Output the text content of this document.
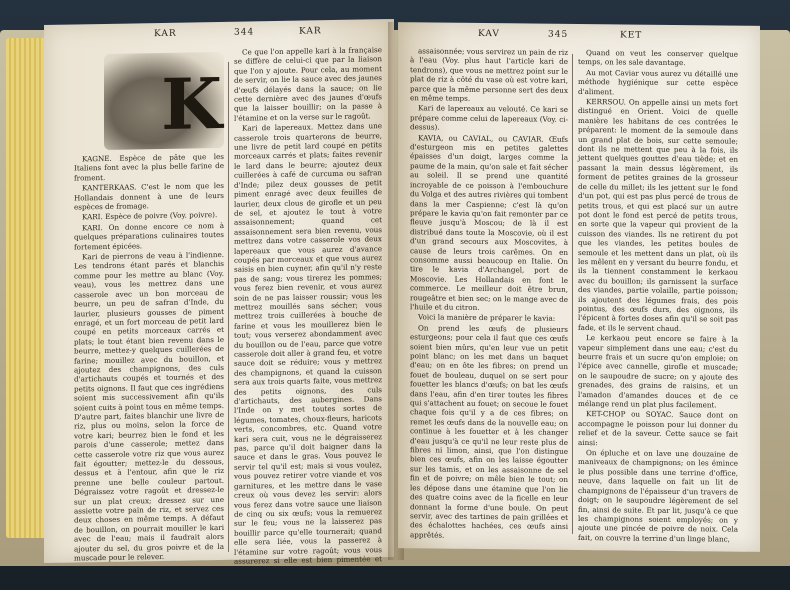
KAR	344	KAR
K

KAGNE. Espèce de pâte que les Italiens font avec la plus belle farine de froment.

KANTERKAAS. C'est le nom que les Hollandais donnent à une de leurs espèces de fromage.

KARI. Espèce de poivre (Voy. poivre).

KARI. On donne encore ce nom à quelques préparations culinaires toutes fortement épicées.

Kari de pierrons de veau à l'indienne. Les tendrons étant parés et blanchis comme pour les mettre au blanc (Voy. veau), vous les mettrez dans une casserole avec un bon morceau de beurre, un peu de safran d'Inde, du laurier, plusieurs gousses de piment enragé, et un fort morceau de petit lard coupé en petits morceaux carrés et plats; le tout étant bien revenu dans le beurre, mettez-y quelques cuillerées de farine; mouillez avec du bouillon, et ajoutez des champignons, des culs d'artichauts coupés et tournés et des petits oignons. Il faut que ces ingrédiens soient mis successivement afin qu'ils soient cuits à point tous en même temps. D'autre part, faites blanchir une livre de riz, plus ou moins, selon la force de votre kari; beurrez bien le fond et les parois d'une casserole; mettez dans cette casserole votre riz que vous aurez fait égoutter; mettez-le du dessous, dessus et à l'entour, afin que le riz prenne une belle couleur partout. Dégraissez votre ragoût et dressez-le sur un plat creux; dressez sur une assiette votre pain de riz, et servez ces deux choses en même temps. A défaut de bouillon, on pourrait mouiller le kari avec de l'eau; mais il faudrait alors ajouter du sel, du gros poivre et de la muscade pour le relever.

Ce que l'on appelle kari à la française se diffère de celui-ci que par la liaison que l'on y ajoute. Pour cela, au moment de servir, on lie la sauce avec des jaunes d'œufs délayés dans la sauce; on lie cette dernière avec des jaunes d'œufs que la laisser bouillir; on la passe à l'étamine et on la verse sur le ragoût.

Kari de lapereaux. Mettez dans une casserole trois quarterons de beurre, une livre de petit lard coupé en petits morceaux carrés et plats; faites revenir le lard dans le beurre; ajoutez deux cuillerées à café de curcuma ou safran d'Inde; pilez deux gousses de petit piment enragé avec deux feuilles de laurier, deux clous de girofle et un peu de sel, et ajoutez le tout à votre assaisonnement; quand cet assaisonnement sera bien revenu, vous mettrez dans votre casserole vos deux lapereaux que vous aurez d'avance coupés par morceaux et que vous aurez saisis en bien cuyner, afin qu'il n'y reste pas de sang; vous tirerez les pommes; vous ferez bien revenir, et vous aurez soin de ne pas laisser roussir; vous les mettrez mouillés sans sécher; vous mettrez trois cuillerées à bouche de farine et vous les mouillerez bien le tout; vous verserez abondamment avec du bouillon ou de l'eau, parce que votre casserole doit aller à grand feu, et votre sauce doit se réduire; vous y mettrez des champignons, et quand la cuisson sera aux trois quarts faite, vous mettrez des petits oignons, des culs d'artichauts, des aubergines. Dans l'Inde on y met toutes sortes de légumes, tomates, choux-fleurs, haricots verts, concombres, etc. Quand votre kari sera cuit, vous ne le dégraisserez pas, parce qu'il doit baigner dans la sauce et dans le gras. Vous pouvez le servir tel qu'il est; mais si vous voulez, vous pouvez retirer votre viande et vos garnitures, et les mettre dans le vase creux où vous devez les servir: alors vous ferez dans votre sauce une liaison de cinq ou six œufs; vous la remuerez sur le feu; vous ne la laisserez pas bouillir parce qu'elle tournerait; quand elle sera liée, vous la passerez à l'étamine sur votre ragoût; vous vous assurerez si elle est bien pimentée et

KAV	345	KET

assaisonnée; vous servirez un pain de riz à l'eau (Voy. plus haut l'article kari de tendrons), que vous ne mettrez point sur le plat de riz à côté du vase où est votre kari, parce que la même personne sert des deux en même temps.

Kari de lapereaux au velouté. Ce kari se prépare comme celui de lapereaux (Voy. ci-dessus).

KAVIA, ou CAVIAL, ou CAVIAR. Œufs d'esturgeon mis en petites galettes épaisses d'un doigt, larges comme la paume de la main, qu'on sale et fait sécher au soleil. Il se prend une quantité incroyable de ce poisson à l'embouchure du Volga et des autres rivières qui tombent dans la mer Caspienne; c'est là qu'on prépare le kavia qu'on fait remonter par ce fleuve jusqu'à Moscou; de là il est distribué dans toute la Moscovie, où il est d'un grand secours aux Moscovites, à cause de leurs trois carêmes. On en consomme aussi beaucoup en Italie. On tire le kavia d'Archangel, port de Moscovie. Les Hollandais en font le commerce. Le meilleur doit être brun, rougeâtre et bien sec; on le mange avec de l'huile et du citron.

Voici la manière de préparer le kavia:

On prend les œufs de plusieurs esturgeons; pour cela il faut que ces œufs soient bien mûrs, qu'en leur vue un petit point blanc; on les met dans un baquet d'eau; on en ôte les fibres; on prend un fouet de bouleau, duquel on se sert pour fouetter les blancs d'œufs; on bat les œufs dans l'eau, afin d'en tirer toutes les fibres qui s'attachent au fouet; on secoue le fouet chaque fois qu'il y a de ces fibres; on remet les œufs dans de la nouvelle eau; on continue à les fouetter et à les changer d'eau jusqu'à ce qu'il ne leur reste plus de fibres ni limon, ainsi, que l'on distingue bien ces œufs, afin on les laisse égoutter sur les tamis, et on les assaisonne de sel fin et de poivre; on mêle bien le tout; on les dépose dans une étamine que l'on lie des quatre coins avec de la ficelle en leur donnant la forme d'une boule. On peut servir, avec des tartines de pain grillées et des échalottes hachées, ces œufs ainsi apprêtés.

Quand on veut les conserver quelque temps, on les sale davantage.

Au mot Caviar vous aurez vu détaillé une méthode hygiénique sur cette espèce d'aliment.

KERRSOU. On appelle ainsi un mets fort distingué en Orient. Voici de quelle manière les habitans de ces contrées le préparent: le moment de la semoule dans un grand plat de bois, sur cette semoule; dont ils ne mettent que peu à la fois, ils jettent quelques gouttes d'eau tiède; et en passant la main dessus légèrement, ils forment de petites graines de la grosseur de celle du millet; ils les jettent sur le fond d'un pot, qui est pas plus percé de trous de petits trous, et qui est placé sur un autre pot dont le fond est percé de petits trous, en sorte que la vapeur qui provient de la cuisson des viandes. Ils ne retirent du pot que les viandes, les petites boules de semoule et les mettent dans un plat, où ils les mêlent en y versant du beurre fondu, et ils la tiennent constamment le kerkaou avec du bouillon; ils garnissent la surface des viandes, partie volaille, partie poisson; ils ajoutent des légumes frais, des pois pointus, des œufs durs, des oignons, ils l'épicent à fortes doses afin qu'il se soit pas fade, et ils le servent chaud.

Le kerkaou peut encore se faire à la vapeur simplement dans une eau; c'est du beurre frais et un sucre qu'on emploie; on l'épice avec cannelle, girofle et muscade; on le saupoudre de sucre; on y ajoute des grenades, des grains de raisins, et un l'amadon d'amandes douces et de ce mélange rend un plat plus facilement.

KET-CHOP ou SOYAC. Sauce dont on accompagne le poisson pour lui donner du relief et de la saveur. Cette sauce se fait ainsi:

On épluche et on lave une douzaine de maniveaux de champignons; on les émince le plus possible dans une terrine d'office, neuve, dans laquelle on fait un lit de champignons de l'épaisseur d'un travers de doigt; on le saupoudre légèrement de sel fin, ainsi de suite. Et par lit, jusqu'à ce que les champignons soient employés; on y ajoute une pincée de poivre de noix. Cela fait, on couvre la terrine d'un linge blanc,
